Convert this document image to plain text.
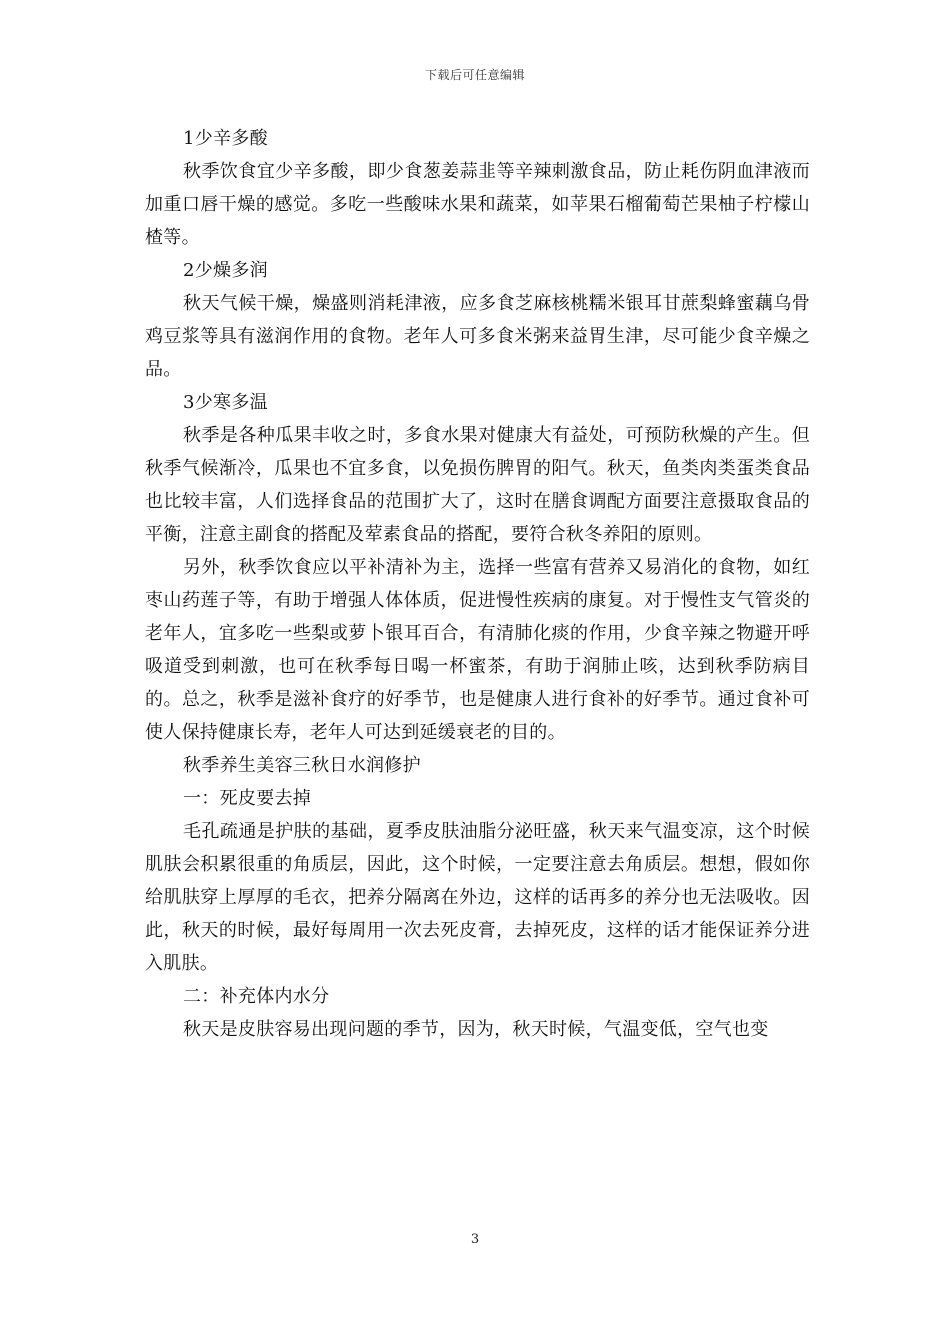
下载后可任意编辑

1少辛多酸

秋季饮食宜少辛多酸，即少食葱姜蒜韭等辛辣刺激食品，防止耗伤阴血津液而加重口唇干燥的感觉。多吃一些酸味水果和蔬菜，如苹果石榴葡萄芒果柚子柠檬山楂等。

2少燥多润

秋天气候干燥，燥盛则消耗津液，应多食芝麻核桃糯米银耳甘蔗梨蜂蜜藕乌骨鸡豆浆等具有滋润作用的食物。老年人可多食米粥来益胃生津，尽可能少食辛燥之品。

3少寒多温

秋季是各种瓜果丰收之时，多食水果对健康大有益处，可预防秋燥的产生。但秋季气候渐冷，瓜果也不宜多食，以免损伤脾胃的阳气。秋天，鱼类肉类蛋类食品也比较丰富，人们选择食品的范围扩大了，这时在膳食调配方面要注意摄取食品的平衡，注意主副食的搭配及荤素食品的搭配，要符合秋冬养阳的原则。

另外，秋季饮食应以平补清补为主，选择一些富有营养又易消化的食物，如红枣山药莲子等，有助于增强人体体质，促进慢性疾病的康复。对于慢性支气管炎的老年人，宜多吃一些梨或萝卜银耳百合，有清肺化痰的作用，少食辛辣之物避开呼吸道受到刺激，也可在秋季每日喝一杯蜜茶，有助于润肺止咳，达到秋季防病目的。总之，秋季是滋补食疗的好季节，也是健康人进行食补的好季节。通过食补可使人保持健康长寿，老年人可达到延缓衰老的目的。

秋季养生美容三秋日水润修护

一：死皮要去掉

毛孔疏通是护肤的基础，夏季皮肤油脂分泌旺盛，秋天来气温变凉，这个时候肌肤会积累很重的角质层，因此，这个时候，一定要注意去角质层。想想，假如你给肌肤穿上厚厚的毛衣，把养分隔离在外边，这样的话再多的养分也无法吸收。因此，秋天的时候，最好每周用一次去死皮膏，去掉死皮，这样的话才能保证养分进入肌肤。

二：补充体内水分

秋天是皮肤容易出现问题的季节，因为，秋天时候，气温变低，空气也变

3
